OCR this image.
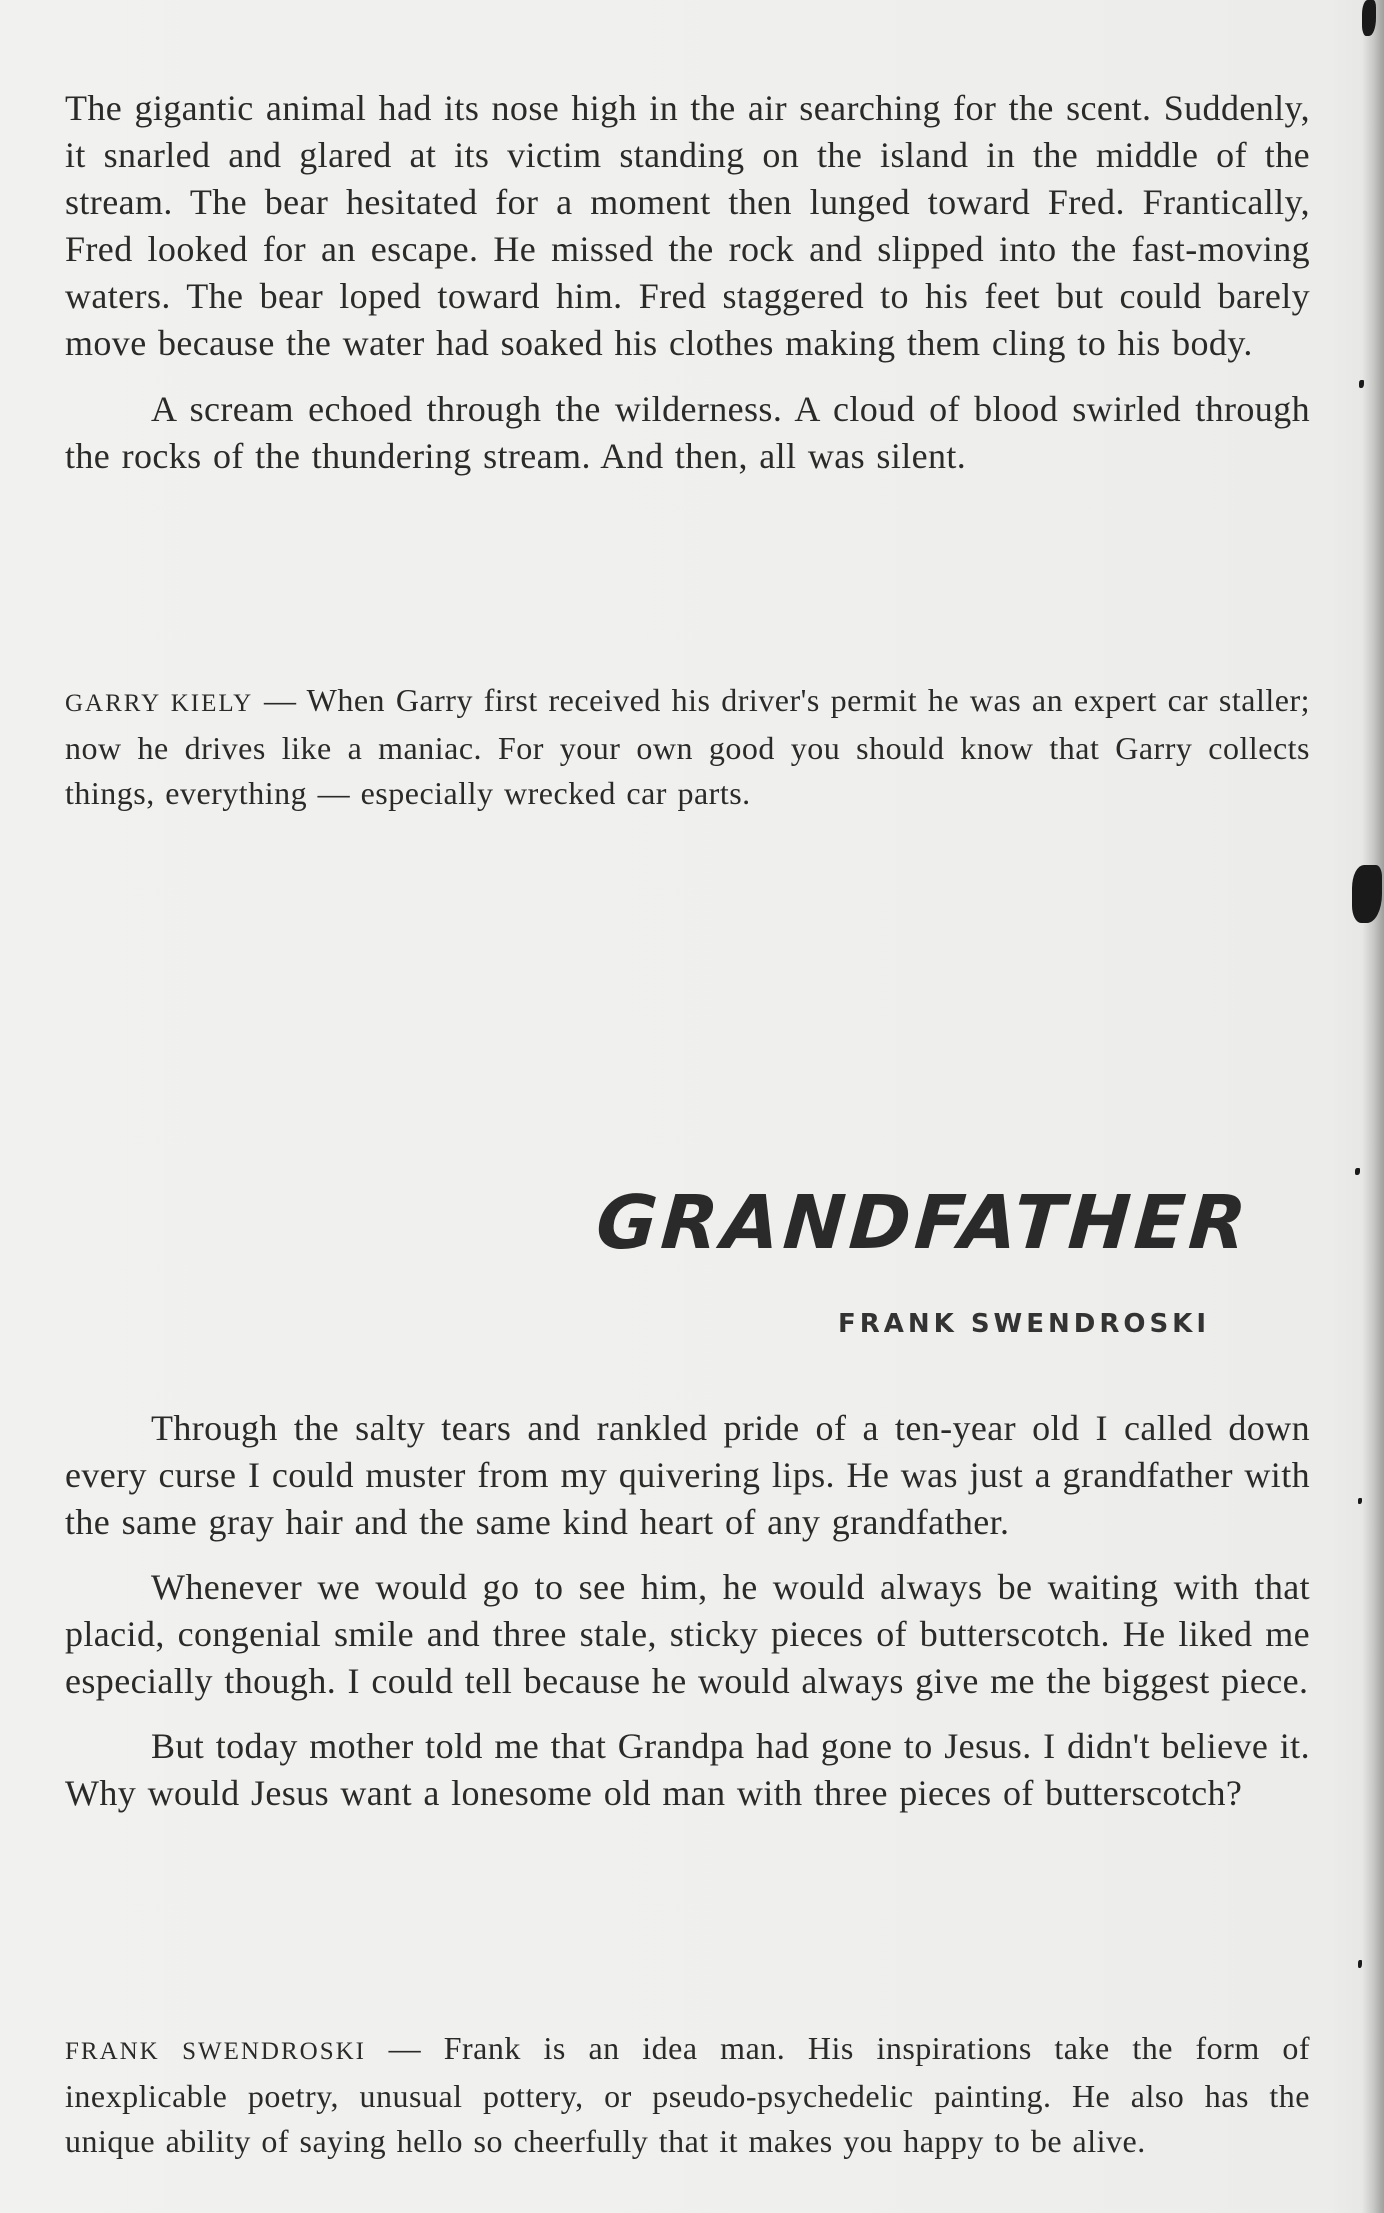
The gigantic animal had its nose high in the air searching for the scent. Suddenly, it snarled and glared at its victim standing on the island in the middle of the stream. The bear hesitated for a moment then lunged toward Fred. Frantically, Fred looked for an escape. He missed the rock and slipped into the fast-moving waters. The bear loped toward him. Fred staggered to his feet but could barely move because the water had soaked his clothes making them cling to his body.

A scream echoed through the wilderness. A cloud of blood swirled through the rocks of the thundering stream. And then, all was silent.

GARRY KIELY — When Garry first received his driver's permit he was an expert car staller; now he drives like a maniac. For your own good you should know that Garry collects things, everything — especially wrecked car parts.

GRANDFATHER
FRANK SWENDROSKI

Through the salty tears and rankled pride of a ten-year old I called down every curse I could muster from my quivering lips. He was just a grandfather with the same gray hair and the same kind heart of any grandfather.

Whenever we would go to see him, he would always be waiting with that placid, congenial smile and three stale, sticky pieces of butterscotch. He liked me especially though. I could tell because he would always give me the biggest piece.

But today mother told me that Grandpa had gone to Jesus. I didn't believe it. Why would Jesus want a lonesome old man with three pieces of butterscotch?

FRANK SWENDROSKI — Frank is an idea man. His inspirations take the form of inexplicable poetry, unusual pottery, or pseudo-psychedelic painting. He also has the unique ability of saying hello so cheerfully that it makes you happy to be alive.
